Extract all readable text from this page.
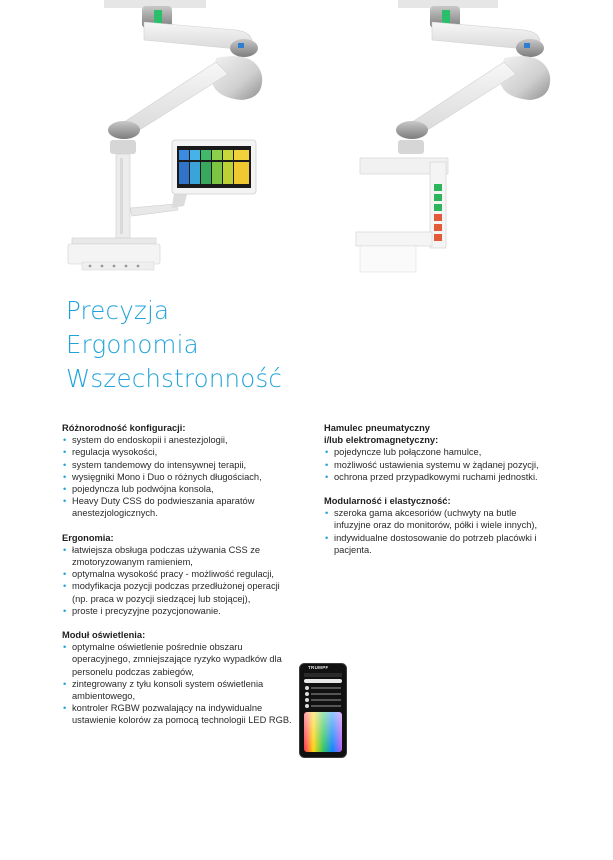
Precyzja
Ergonomia
Wszechstronność
Różnorodność konfiguracji:
• system do endoskopii i anestezjologii,
• regulacja wysokości,
• system tandemowy do intensywnej terapii,
• wysięgniki Mono i Duo o różnych długościach,
• pojedyncza lub podwójna konsola,
• Heavy Duty CSS do podwieszania aparatów anestezjologicznych.
Ergonomia:
• łatwiejsza obsługa podczas używania CSS ze zmotoryzowanym ramieniem,
• optymalna wysokość pracy - możliwość regulacji,
• modyfikacja pozycji podczas przedłużonej operacji (np. praca w pozycji siedzącej lub stojącej),
• proste i precyzyjne pozycjonowanie.
Moduł oświetlenia:
• optymalne oświetlenie pośrednie obszaru operacyjnego, zmniejszające ryzyko wypadków dla personelu podczas zabiegów,
• zintegrowany z tyłu konsoli system oświetlenia ambientowego,
• kontroler RGBW pozwalający na indywidualne ustawienie kolorów za pomocą technologii LED RGB.
Hamulec pneumatyczny
i/lub elektromagnetyczny:
• pojedyncze lub połączone hamulce,
• możliwość ustawienia systemu w żądanej pozycji,
• ochrona przed przypadkowymi ruchami jednostki.
Modularność i elastyczność:
• szeroka gama akcesoriów (uchwyty na butle infuzyjne oraz do monitorów, półki i wiele innych),
• indywidualne dostosowanie do potrzeb placówki i pacjenta.
TRUMPF
